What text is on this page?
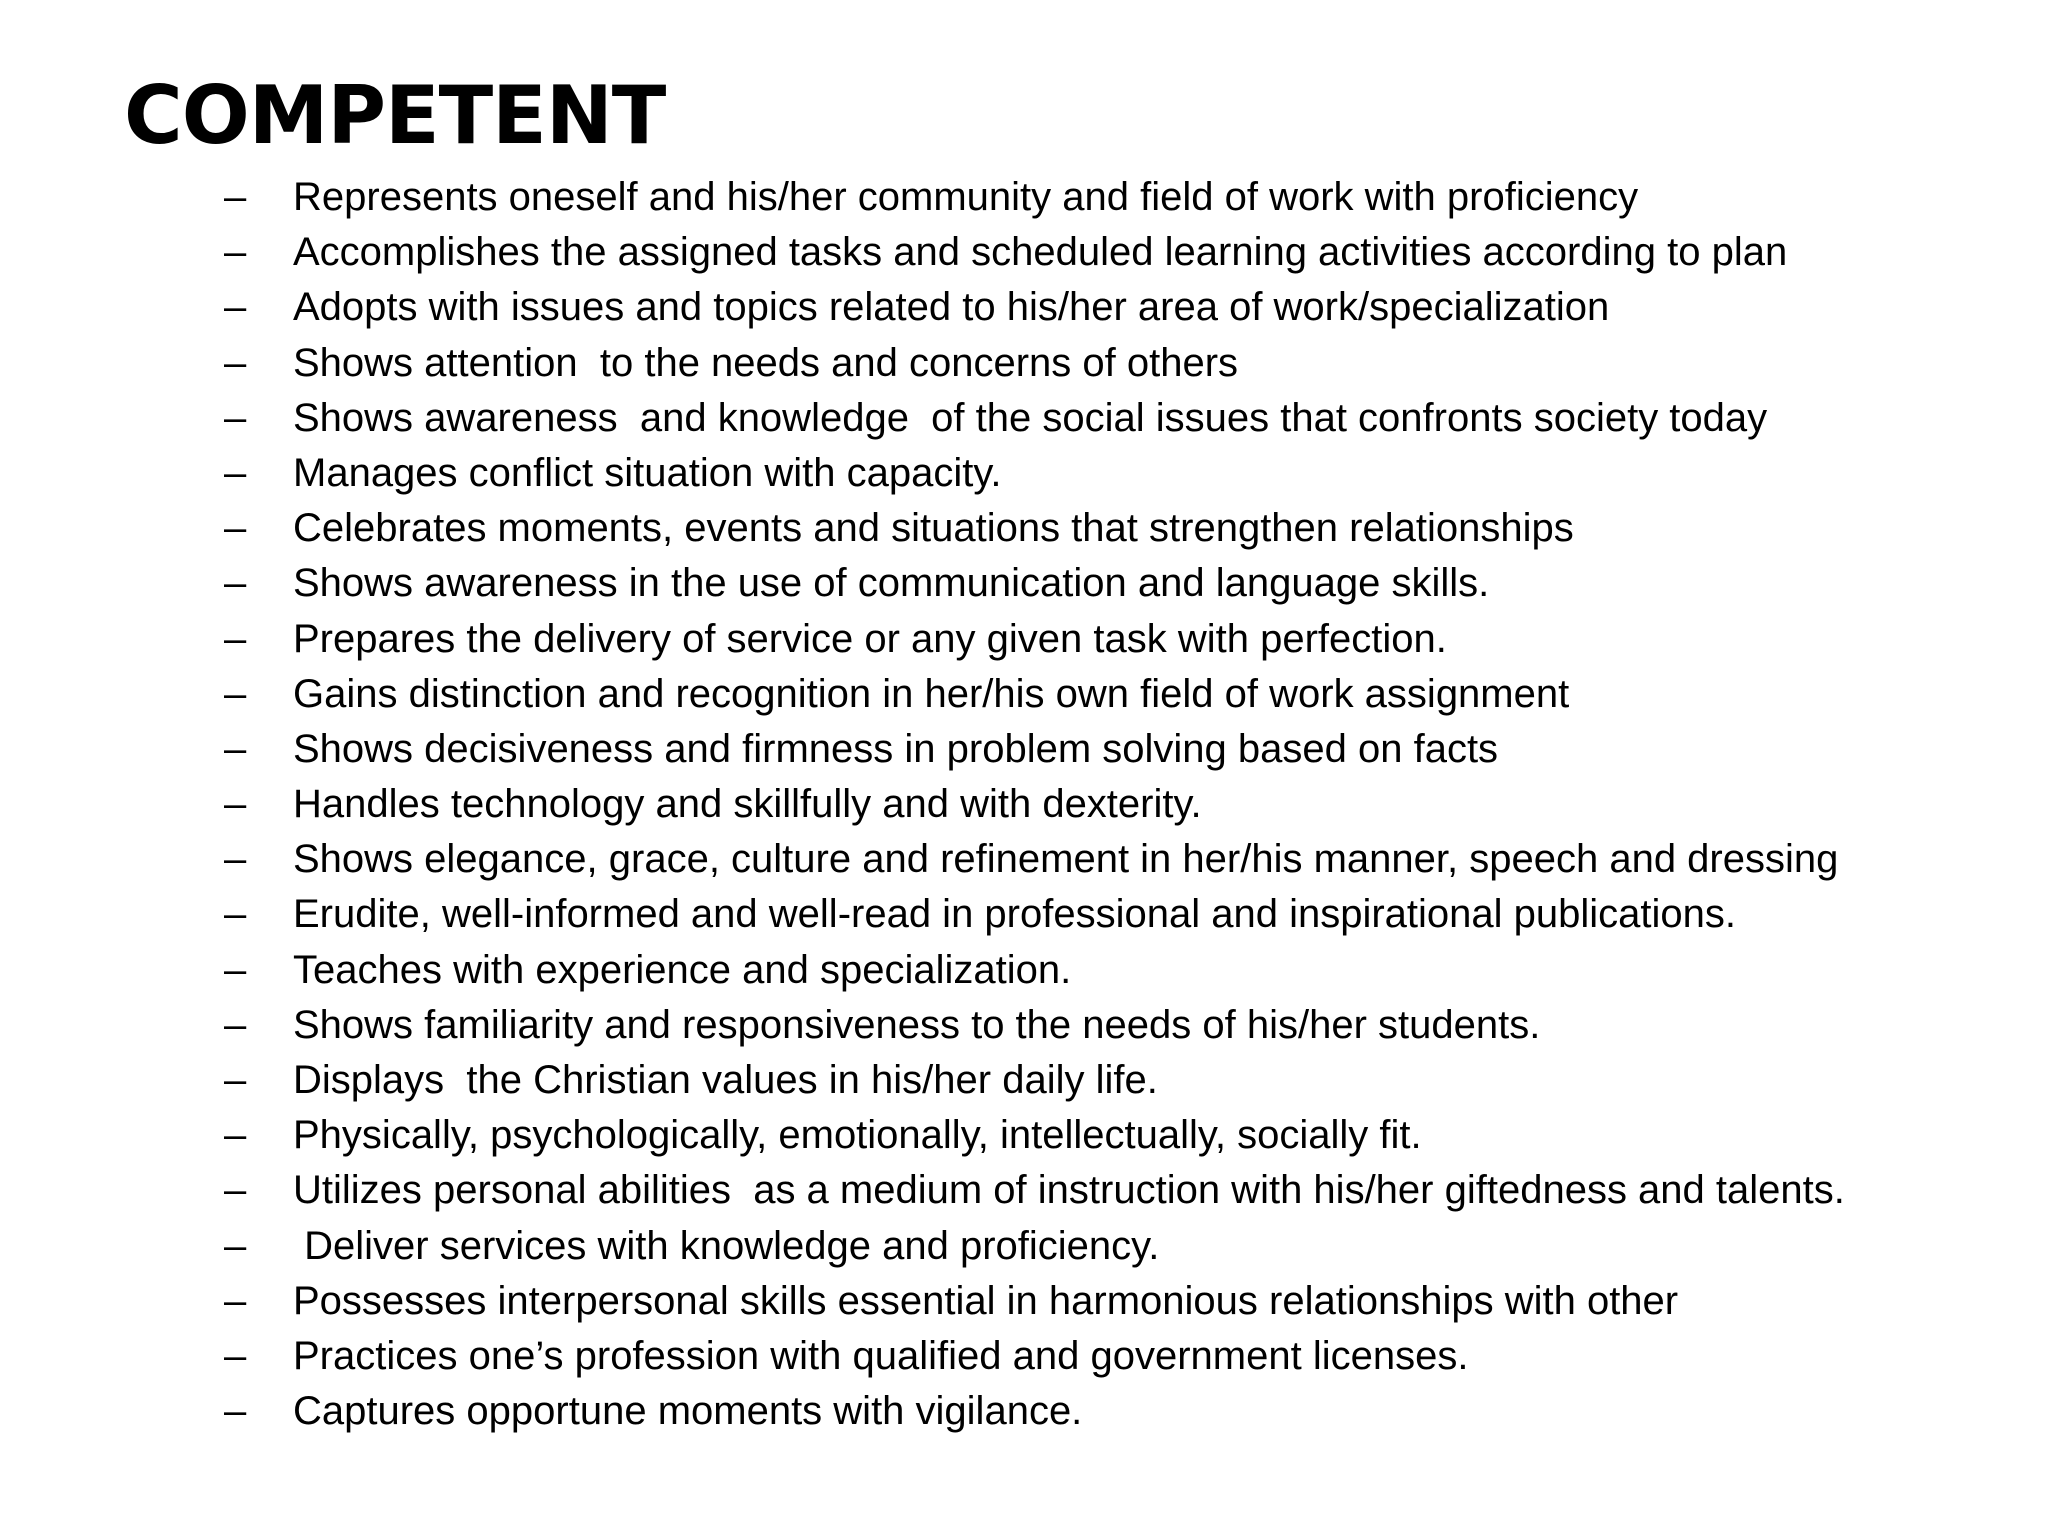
COMPETENT
–	Represents oneself and his/her community and field of work with proficiency
–	Accomplishes the assigned tasks and scheduled learning activities according to plan
–	Adopts with issues and topics related to his/her area of work/specialization
–	Shows attention  to the needs and concerns of others
–	Shows awareness  and knowledge  of the social issues that confronts society today
–	Manages conflict situation with capacity.
–	Celebrates moments, events and situations that strengthen relationships
–	Shows awareness in the use of communication and language skills.
–	Prepares the delivery of service or any given task with perfection.
–	Gains distinction and recognition in her/his own field of work assignment
–	Shows decisiveness and firmness in problem solving based on facts
–	Handles technology and skillfully and with dexterity.
–	Shows elegance, grace, culture and refinement in her/his manner, speech and dressing
–	Erudite, well-informed and well-read in professional and inspirational publications.
–	Teaches with experience and specialization.
–	Shows familiarity and responsiveness to the needs of his/her students.
–	Displays  the Christian values in his/her daily life.
–	Physically, psychologically, emotionally, intellectually, socially fit.
–	Utilizes personal abilities  as a medium of instruction with his/her giftedness and talents.
–	Deliver services with knowledge and proficiency.
–	Possesses interpersonal skills essential in harmonious relationships with other
–	Practices one’s profession with qualified and government licenses.
–	Captures opportune moments with vigilance.
